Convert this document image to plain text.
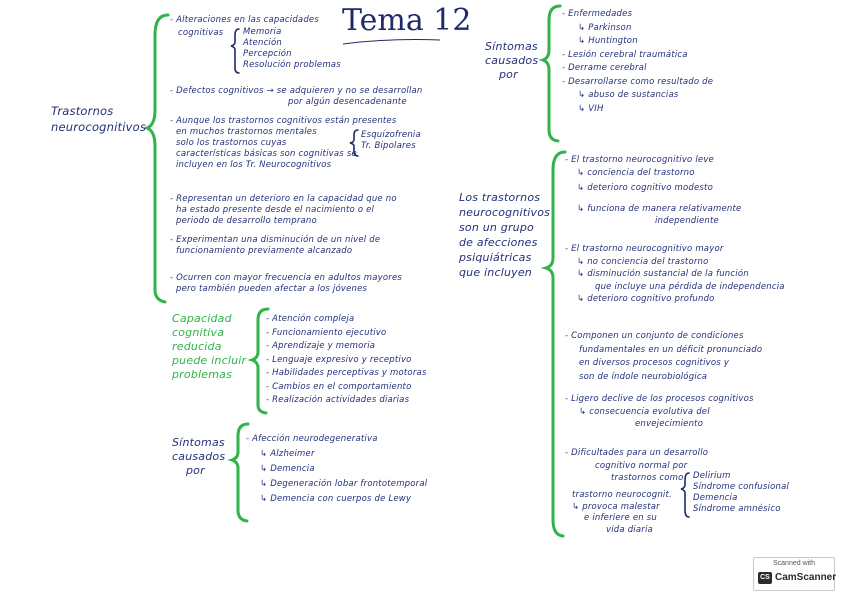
Tema 12
Trastornos
neurocognitivos
- Alteraciones en las capacidades
cognitivas Memoria
Atención
Percepción
Resolución problemas
- Defectos cognitivos → se adquieren y no se desarrollan
por algún desencadenante
- Aunque los trastornos cognitivos están presentes
en muchos trastornos mentales
solo los trastornos cuyas
características básicas son cognitivas se
incluyen en los Tr. Neurocognitivos
Esquizofrenia
Tr. Bipolares
- Representan un deterioro en la capacidad que no
ha estado presente desde el nacimiento o el
periodo de desarrollo temprano
- Experimentan una disminución de un nivel de
funcionamiento previamente alcanzado
- Ocurren con mayor frecuencia en adultos mayores
pero también pueden afectar a los jóvenes
Capacidad
cognitiva
reducida
puede incluir
problemas
- Atención compleja
- Funcionamiento ejecutivo
- Aprendizaje y memoria
- Lenguaje expresivo y receptivo
- Habilidades perceptivas y motoras
- Cambios en el comportamiento
- Realización actividades diarias
Síntomas
causados
por
- Afección neurodegenerativa
↳ Alzheimer
↳ Demencia
↳ Degeneración lobar frontotemporal
↳ Demencia con cuerpos de Lewy
Síntomas
causados
por
- Enfermedades
↳ Parkinson
↳ Huntington
- Lesión cerebral traumática
- Derrame cerebral
- Desarrollarse como resultado de
↳ abuso de sustancias
↳ VIH
Los trastornos
neurocognitivos
son un grupo
de afecciones
psiquiátricas
que incluyen
- El trastorno neurocognitivo leve
↳ conciencia del trastorno
↳ deterioro cognitivo modesto
↳ funciona de manera relativamente
independiente
- El trastorno neurocognitivo mayor
↳ no conciencia del trastorno
↳ disminución sustancial de la función
que incluye una pérdida de independencia
↳ deterioro cognitivo profundo
- Componen un conjunto de condiciones
fundamentales en un déficit pronunciado
en diversos procesos cognitivos y
son de índole neurobiológica
- Ligero declive de los procesos cognitivos
↳ consecuencia evolutiva del
envejecimiento
- Dificultades para un desarrollo
cognitivo normal por
trastornos como	Delirium
Síndrome confusional
Demencia
Síndrome amnésico
trastorno neurocognit.
↳ provoca malestar
e inferiere en su
vida diaria
Scanned with
CS CamScanner
